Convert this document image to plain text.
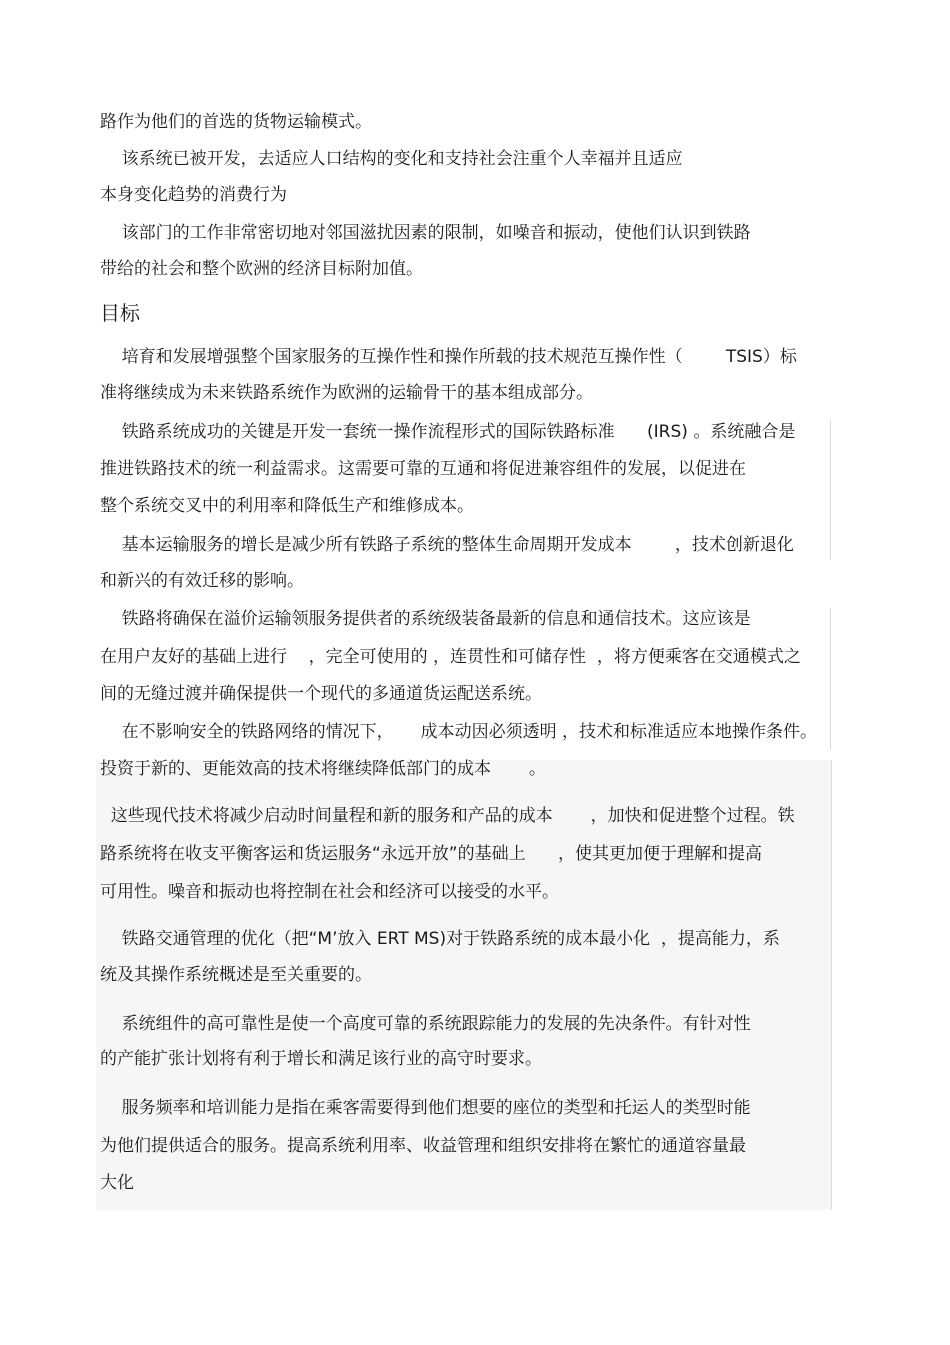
路作为他们的首选的货物运输模式。
该系统已被开发，去适应人口结构的变化和支持社会注重个人幸福并且适应
本身变化趋势的消费行为
该部门的工作非常密切地对邻国滋扰因素的限制，如噪音和振动，使他们认识到铁路
带给的社会和整个欧洲的经济目标附加值。
目标
培育和发展增强整个国家服务的互操作性和操作所载的技术规范互操作性（        TSIS）标
准将继续成为未来铁路系统作为欧洲的运输骨干的基本组成部分。
铁路系统成功的关键是开发一套统一操作流程形式的国际铁路标准      (IRS) 。系统融合是
推进铁路技术的统一利益需求。这需要可靠的互通和将促进兼容组件的发展，以促进在
整个系统交叉中的利用率和降低生产和维修成本。
基本运输服务的增长是减少所有铁路子系统的整体生命周期开发成本        ，技术创新退化
和新兴的有效迁移的影响。
铁路将确保在溢价运输领服务提供者的系统级装备最新的信息和通信技术。这应该是
在用户友好的基础上进行    ，完全可使用的 ，连贯性和可储存性  ，将方便乘客在交通模式之
间的无缝过渡并确保提供一个现代的多通道货运配送系统。
在不影响安全的铁路网络的情况下，     成本动因必须透明 ，技术和标准适应本地操作条件。
投资于新的、更能效高的技术将继续降低部门的成本       。
这些现代技术将减少启动时间量程和新的服务和产品的成本       ，加快和促进整个过程。铁
路系统将在收支平衡客运和货运服务“永远开放”的基础上      ，使其更加便于理解和提高
可用性。噪音和振动也将控制在社会和经济可以接受的水平。
铁路交通管理的优化（把“M’放入 ERT MS)对于铁路系统的成本最小化  ，提高能力，系
统及其操作系统概述是至关重要的。
系统组件的高可靠性是使一个高度可靠的系统跟踪能力的发展的先决条件。有针对性
的产能扩张计划将有利于增长和满足该行业的高守时要求。
服务频率和培训能力是指在乘客需要得到他们想要的座位的类型和托运人的类型时能
为他们提供适合的服务。提高系统利用率、收益管理和组织安排将在繁忙的通道容量最
大化
